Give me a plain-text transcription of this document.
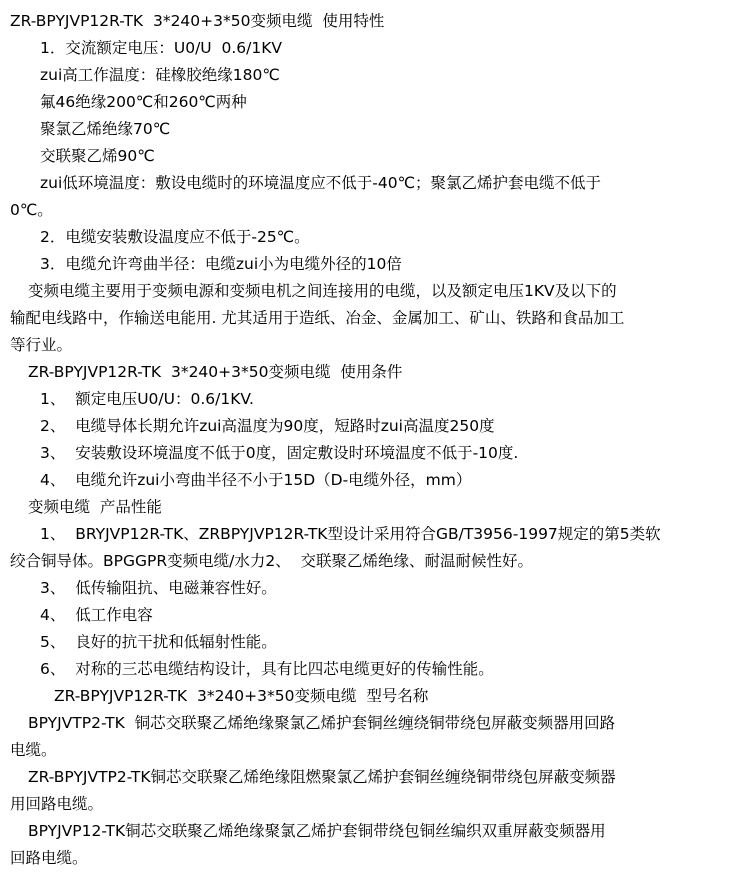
ZR-BPYJVP12R-TK  3*240+3*50变频电缆  使用特性
1．交流额定电压：U0/U  0.6/1KV
zui高工作温度：硅橡胶绝缘180℃
氟46绝缘200℃和260℃两种
聚氯乙烯绝缘70℃
交联聚乙烯90℃
zui低环境温度：敷设电缆时的环境温度应不低于-40℃；聚氯乙烯护套电缆不低于
0℃。
2．电缆安装敷设温度应不低于-25℃。
3．电缆允许弯曲半径：电缆zui小为电缆外径的10倍
变频电缆主要用于变频电源和变频电机之间连接用的电缆，以及额定电压1KV及以下的
输配电线路中，作输送电能用. 尤其适用于造纸、冶金、金属加工、矿山、铁路和食品加工
等行业。
ZR-BPYJVP12R-TK  3*240+3*50变频电缆  使用条件
1、  额定电压U0/U：0.6/1KV.
2、  电缆导体长期允许zui高温度为90度，短路时zui高温度250度
3、  安装敷设环境温度不低于0度，固定敷设时环境温度不低于-10度.
4、  电缆允许zui小弯曲半径不小于15D（D-电缆外径，mm）
变频电缆  产品性能
1、  BRYJVP12R-TK、ZRBPYJVP12R-TK型设计采用符合GB/T3956-1997规定的第5类软
绞合铜导体。BPGGPR变频电缆/水力2、  交联聚乙烯绝缘、耐温耐候性好。
3、  低传输阻抗、电磁兼容性好。
4、  低工作电容
5、  良好的抗干扰和低辐射性能。
6、  对称的三芯电缆结构设计，具有比四芯电缆更好的传输性能。
ZR-BPYJVP12R-TK  3*240+3*50变频电缆  型号名称
BPYJVTP2-TK  铜芯交联聚乙烯绝缘聚氯乙烯护套铜丝缠绕铜带绕包屏蔽变频器用回路
电缆。
ZR-BPYJVTP2-TK铜芯交联聚乙烯绝缘阻燃聚氯乙烯护套铜丝缠绕铜带绕包屏蔽变频器
用回路电缆。
BPYJVP12-TK铜芯交联聚乙烯绝缘聚氯乙烯护套铜带绕包铜丝编织双重屏蔽变频器用
回路电缆。
